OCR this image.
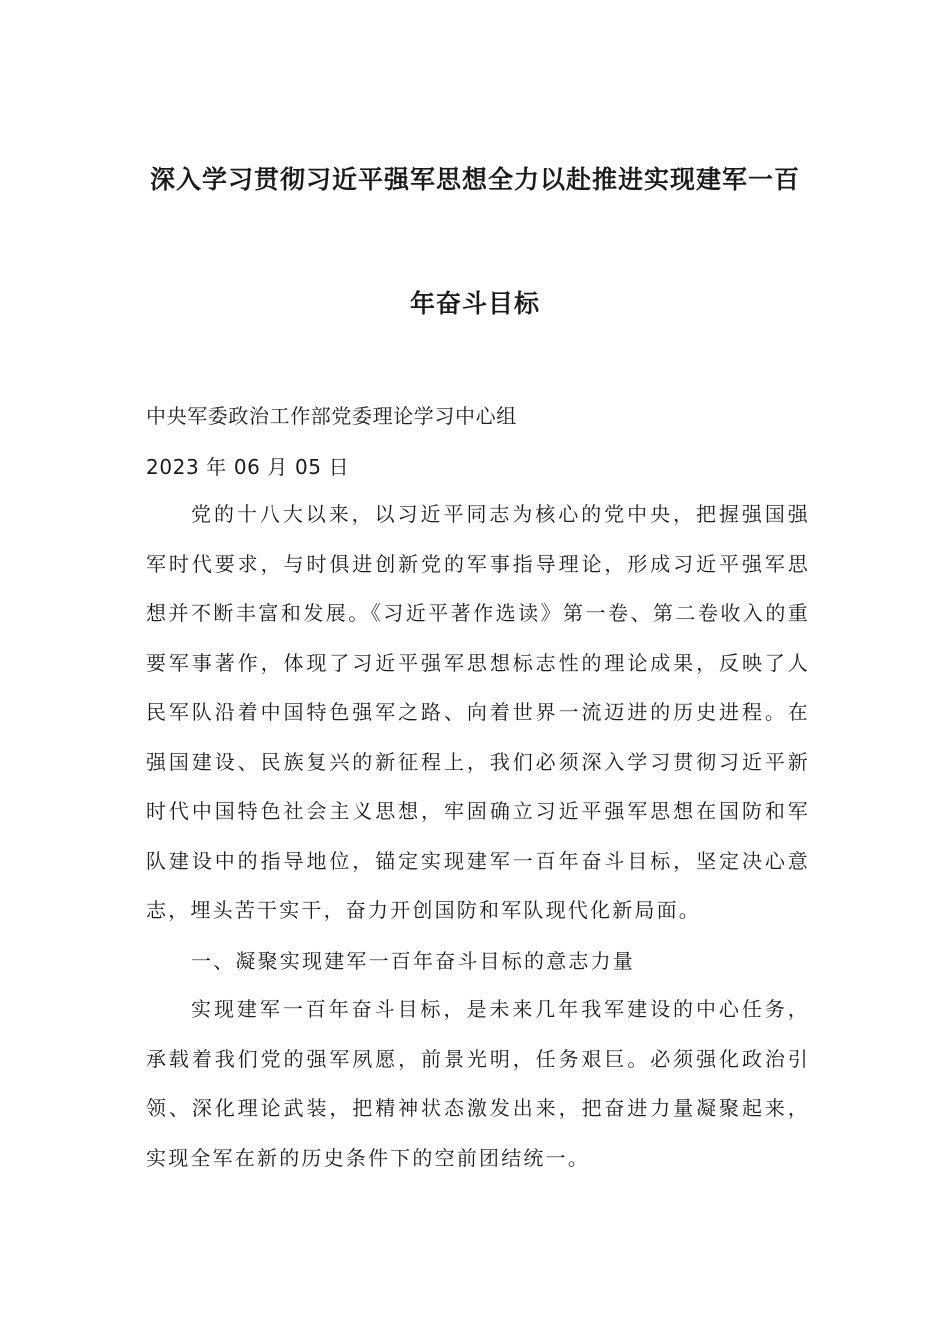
深入学习贯彻习近平强军思想全力以赴推进实现建军一百
年奋斗目标
中央军委政治工作部党委理论学习中心组
2023 年 06 月 05 日

党的十八大以来，以习近平同志为核心的党中央，把握强国强军时代要求，与时俱进创新党的军事指导理论，形成习近平强军思想并不断丰富和发展。《习近平著作选读》第一卷、第二卷收入的重要军事著作，体现了习近平强军思想标志性的理论成果，反映了人民军队沿着中国特色强军之路、向着世界一流迈进的历史进程。在强国建设、民族复兴的新征程上，我们必须深入学习贯彻习近平新时代中国特色社会主义思想，牢固确立习近平强军思想在国防和军队建设中的指导地位，锚定实现建军一百年奋斗目标，坚定决心意志，埋头苦干实干，奋力开创国防和军队现代化新局面。

一、凝聚实现建军一百年奋斗目标的意志力量

实现建军一百年奋斗目标，是未来几年我军建设的中心任务，承载着我们党的强军夙愿，前景光明，任务艰巨。必须强化政治引领、深化理论武装，把精神状态激发出来，把奋进力量凝聚起来，实现全军在新的历史条件下的空前团结统一。
